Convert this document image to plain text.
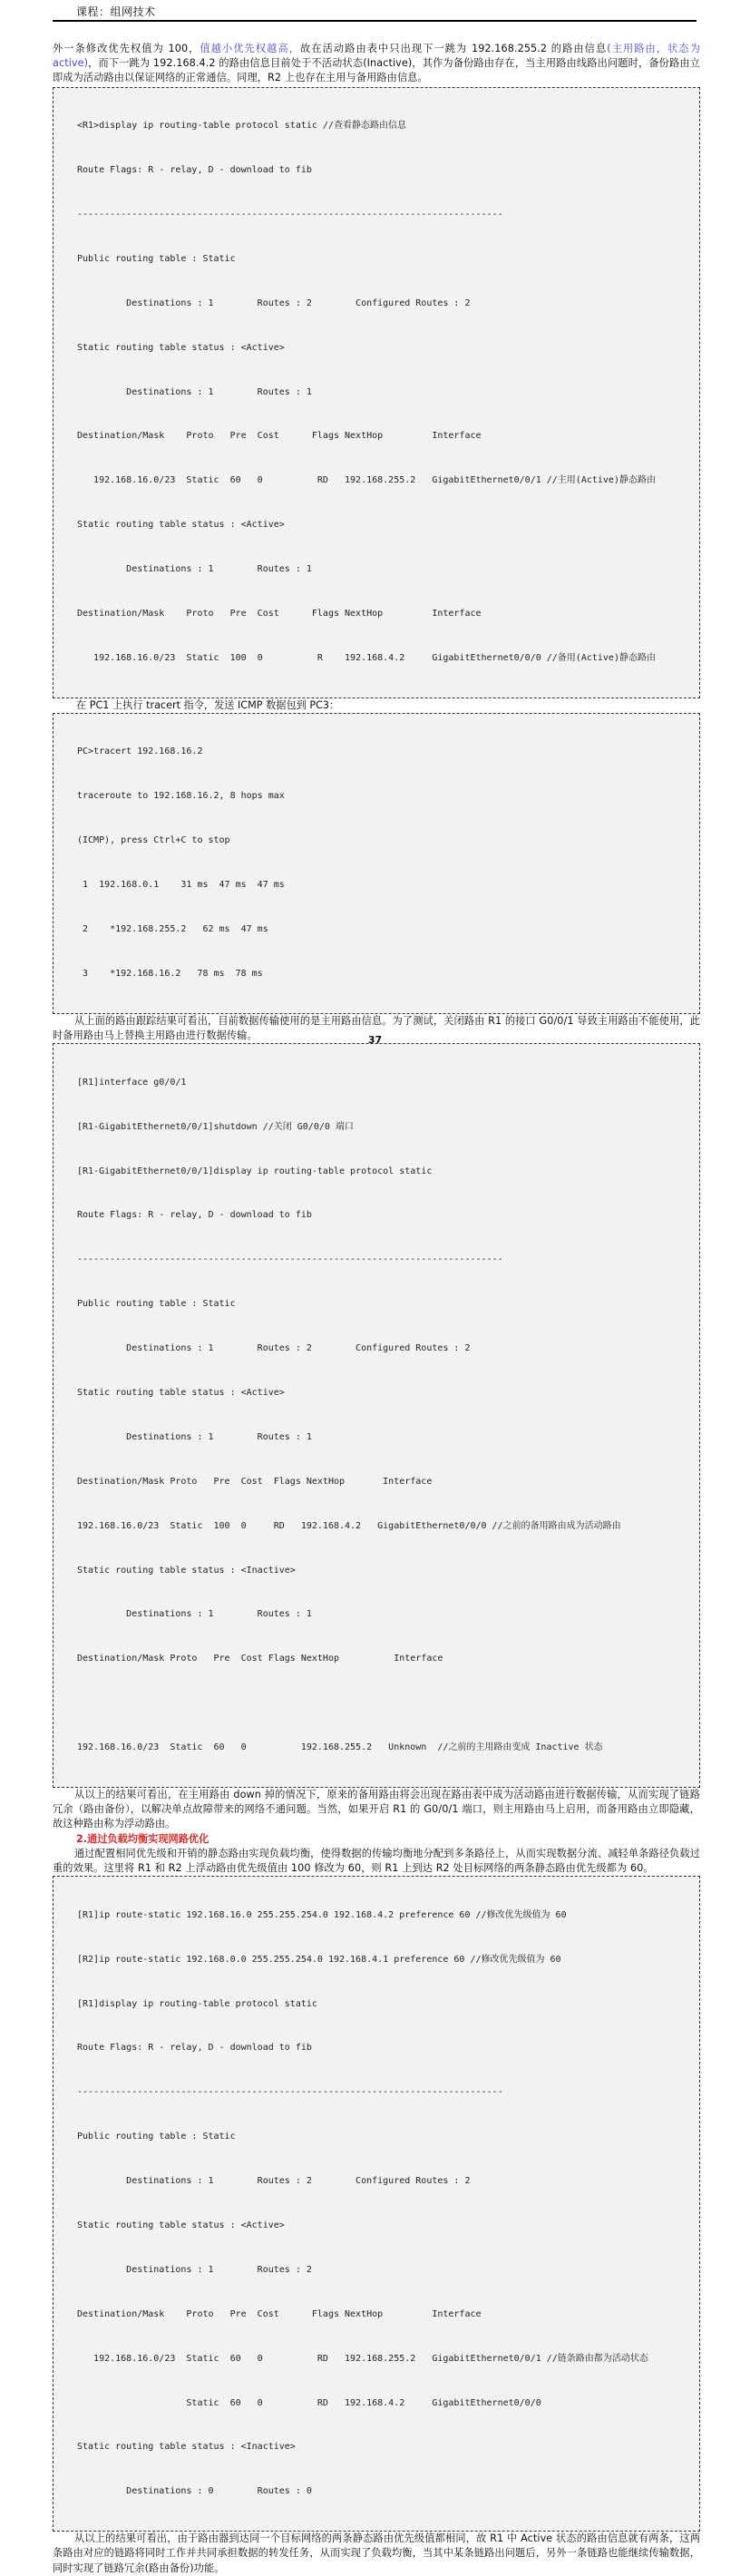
课程：组网技术

外一条修改优先权值为 100，值越小优先权越高，故在活动路由表中只出现下一跳为 192.168.255.2 的路由信息(主用路由，状态为 active)，而下一跳为 192.168.4.2 的路由信息目前处于不活动状态(Inactive)，其作为备份路由存在，当主用路由线路出问题时，备份路由立即成为活动路由以保证网络的正常通信。同理，R2 上也存在主用与备用路由信息。

<R1>display ip routing-table protocol static //查看静态路由信息

Route Flags: R - relay, D - download to fib

------------------------------------------------------------------------------

Public routing table : Static

Destinations : 1        Routes : 2        Configured Routes : 2

Static routing table status : <Active>

Destinations : 1        Routes : 1

Destination/Mask    Proto   Pre  Cost      Flags NextHop         Interface

192.168.16.0/23  Static  60   0          RD   192.168.255.2   GigabitEthernet0/0/1 //主用(Active)静态路由

Static routing table status : <Active>

Destinations : 1        Routes : 1

Destination/Mask    Proto   Pre  Cost      Flags NextHop         Interface

192.168.16.0/23  Static  100  0          R    192.168.4.2     GigabitEthernet0/0/0 //备用(Active)静态路由

在 PC1 上执行 tracert 指令，发送 ICMP 数据包到 PC3：

PC>tracert 192.168.16.2

traceroute to 192.168.16.2, 8 hops max

(ICMP), press Ctrl+C to stop

1  192.168.0.1    31 ms  47 ms  47 ms

2    *192.168.255.2   62 ms  47 ms

3    *192.168.16.2   78 ms  78 ms

从上面的路由跟踪结果可看出，目前数据传输使用的是主用路由信息。为了测试，关闭路由 R1 的接口 G0/0/1 导致主用路由不能使用，此时备用路由马上替换主用路由进行数据传输。

[R1]interface g0/0/1

[R1-GigabitEthernet0/0/1]shutdown //关闭 G0/0/0 端口

[R1-GigabitEthernet0/0/1]display ip routing-table protocol static

Route Flags: R - relay, D - download to fib

------------------------------------------------------------------------------

Public routing table : Static

Destinations : 1        Routes : 2        Configured Routes : 2

Static routing table status : <Active>

Destinations : 1        Routes : 1

Destination/Mask Proto   Pre  Cost  Flags NextHop       Interface

192.168.16.0/23  Static  100  0     RD   192.168.4.2   GigabitEthernet0/0/0 //之前的备用路由成为活动路由

Static routing table status : <Inactive>

Destinations : 1        Routes : 1

Destination/Mask Proto   Pre  Cost Flags NextHop          Interface

192.168.16.0/23  Static  60   0          192.168.255.2   Unknown  //之前的主用路由变成 Inactive 状态

从以上的结果可看出，在主用路由 down 掉的情况下，原来的备用路由将会出现在路由表中成为活动路由进行数据传输，从而实现了链路冗余（路由备份），以解决单点故障带来的网络不通问题。当然，如果开启 R1 的 G0/0/1 端口，则主用路由马上启用，而备用路由立即隐藏，故这种路由称为浮动路由。

2.通过负载均衡实现网路优化

通过配置相同优先级和开销的静态路由实现负载均衡，使得数据的传输均衡地分配到多条路径上，从而实现数据分流、减轻单条路径负载过重的效果。这里将 R1 和 R2 上浮动路由优先级值由 100 修改为 60，则 R1 上到达 R2 处目标网络的两条静态路由优先级都为 60。

[R1]ip route-static 192.168.16.0 255.255.254.0 192.168.4.2 preference 60 //修改优先级值为 60

[R2]ip route-static 192.168.0.0 255.255.254.0 192.168.4.1 preference 60 //修改优先级值为 60

[R1]display ip routing-table protocol static

Route Flags: R - relay, D - download to fib

------------------------------------------------------------------------------

Public routing table : Static

Destinations : 1        Routes : 2        Configured Routes : 2

Static routing table status : <Active>

Destinations : 1        Routes : 2

Destination/Mask    Proto   Pre  Cost      Flags NextHop         Interface

192.168.16.0/23  Static  60   0          RD   192.168.255.2   GigabitEthernet0/0/1 //链条路由都为活动状态

Static  60   0          RD   192.168.4.2     GigabitEthernet0/0/0

Static routing table status : <Inactive>

Destinations : 0        Routes : 0

从以上的结果可看出，由于路由器到达同一个目标网络的两条静态路由优先级值都相同，故 R1 中 Active 状态的路由信息就有两条，这两条路由对应的链路将同时工作并共同承担数据的转发任务，从而实现了负载均衡，当其中某条链路出问题后，另外一条链路也能继续传输数据，同时实现了链路冗余(路由备份)功能。

37
